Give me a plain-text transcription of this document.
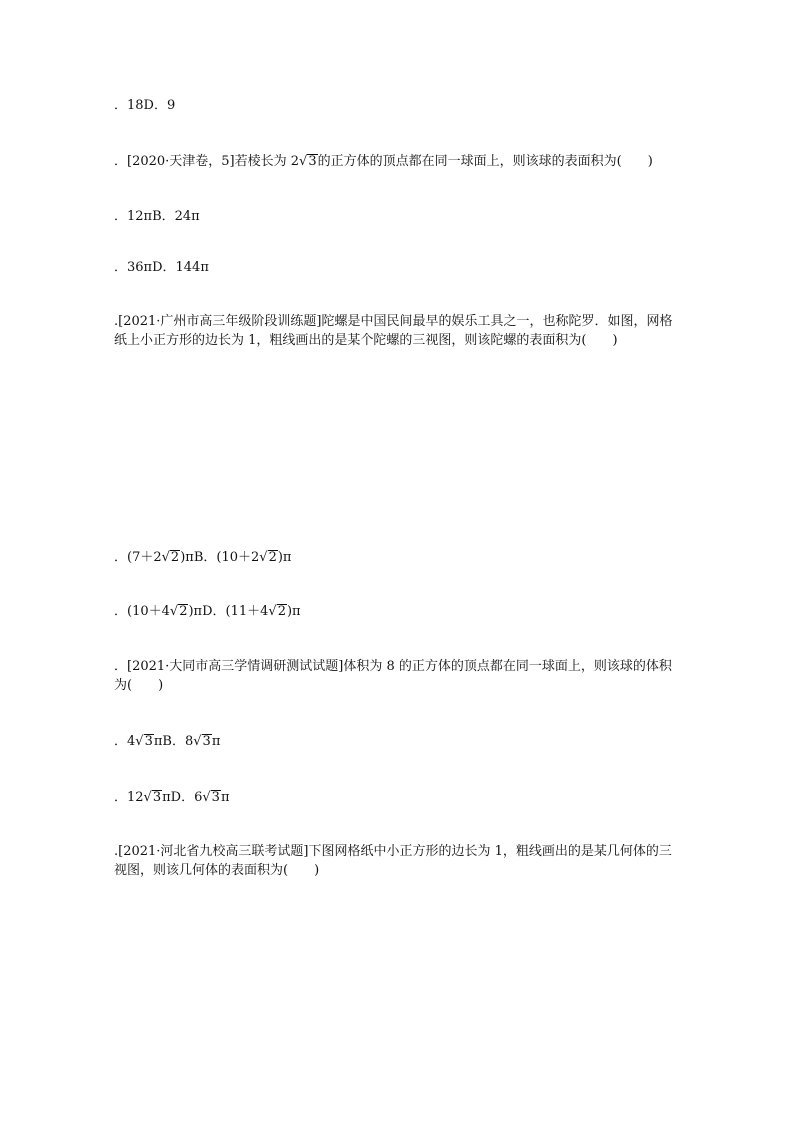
．18D．9
．[2020·天津卷，5]若棱长为 2√3的正方体的顶点都在同一球面上，则该球的表面积为(　　)
．12πB．24π
．36πD．144π
.[2021·广州市高三年级阶段训练题]陀螺是中国民间最早的娱乐工具之一，也称陀罗．如图，网格纸上小正方形的边长为 1，粗线画出的是某个陀螺的三视图，则该陀螺的表面积为(　　)
．(7＋2√2)πB．(10＋2√2)π
．(10＋4√2)πD．(11＋4√2)π
．[2021·大同市高三学情调研测试试题]体积为 8 的正方体的顶点都在同一球面上，则该球的体积为(　　)
．4√3πB．8√3π
．12√3πD．6√3π
.[2021·河北省九校高三联考试题]下图网格纸中小正方形的边长为 1，粗线画出的是某几何体的三视图，则该几何体的表面积为(　　)
